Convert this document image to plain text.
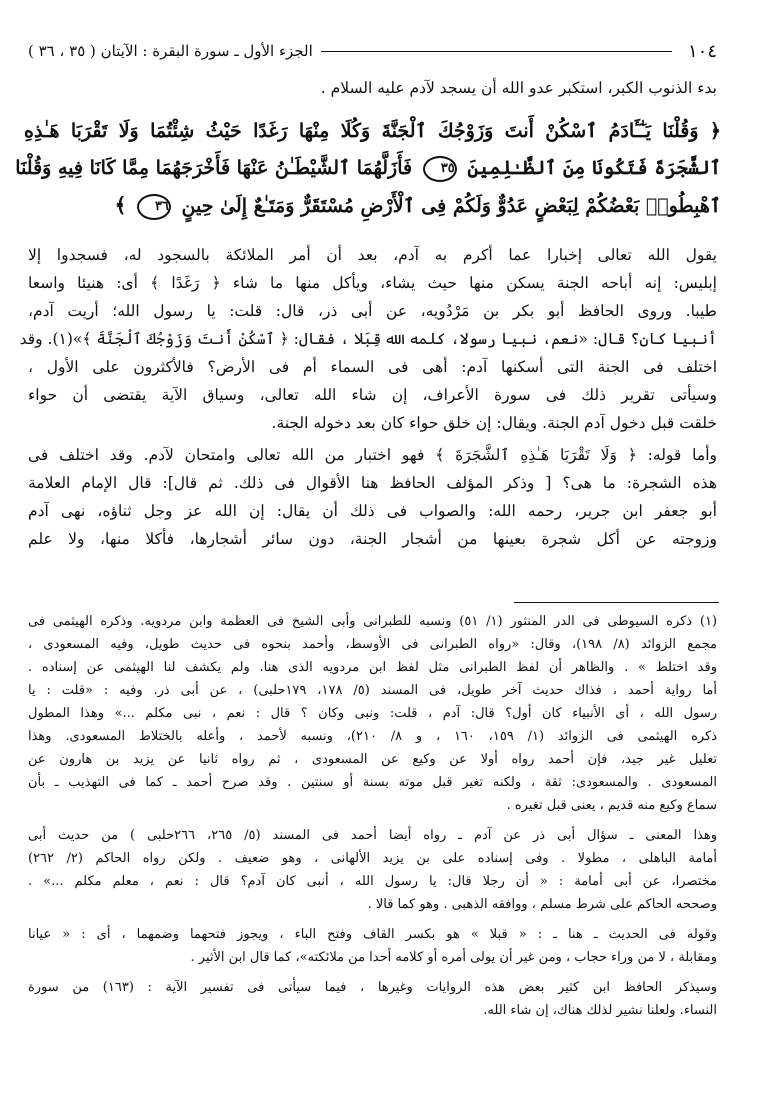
١٠٤
الجزء الأول ـ سورة البقرة : الآيتان ( ٣٥ ، ٣٦ )
بدء الذنوب الكبر، استكبر عدو الله أن يسجد لآدم عليه السلام .
﴿ وَقُلْنَا يَـٰٓـَٔادَمُ ٱسْكُنْ أَنتَ وَزَوْجُكَ ٱلْجَنَّةَ وَكُلَا مِنْهَا رَغَدًا حَيْثُ شِئْتُمَا وَلَا تَقْرَبَا هَـٰذِهِ
ٱلشَّجَرَةَ فَتَكُونَا مِنَ ٱلظَّـٰلِمِينَ ٣٥ فَأَزَلَّهُمَا ٱلشَّيْطَـٰنُ عَنْهَا فَأَخْرَجَهُمَا مِمَّا كَانَا فِيهِ وَقُلْنَا
ٱهْبِطُوا۟ بَعْضُكُمْ لِبَعْضٍ عَدُوٌّ وَلَكُمْ فِى ٱلْأَرْضِ مُسْتَقَرٌّ وَمَتَـٰعٌ إِلَىٰ حِينٍ ٣٦ ﴾
يقول الله تعالى إخبارا عما أكرم به آدم، بعد أن أمر الملائكة بالسجود له، فسجدوا إلا
إبليس: إنه أباحه الجنة يسكن منها حيث يشاء، ويأكل منها ما شاء ﴿ رَغَدًا ﴾ أى: هنيئا واسعا
طيبا. وروى الحافظ أبو بكر بن مَرْدُويه، عن أبى ذر، قال: قلت: يا رسول الله؛ أريت آدم،
أنبيا كان؟ قال: «نعم، نبيا رسولا، كلمه الله قِبَلا ، فقال: ﴿ ٱسْكُنْ أَنتَ وَزَوْجُكَ ٱلْجَنَّةَ ﴾»(١). وقد
اختلف فى الجنة التى أسكنها آدم: أهى فى السماء أم فى الأرض؟ فالأكثرون على الأول ،
وسيأتى تقرير ذلك فى سورة الأعراف، إن شاء الله تعالى، وسياق الآية يقتضى أن حواء
خلقت قبل دخول آدم الجنة. ويقال: إن خلق حواء كان بعد دخوله الجنة.
وأما قوله: ﴿ وَلَا تَقْرَبَا هَـٰذِهِ ٱلشَّجَرَةَ ﴾ فهو اختبار من الله تعالى وامتحان لآدم. وقد اختلف فى
هذه الشجرة: ما هى؟ [ وذكر المؤلف الحافظ هنا الأقوال فى ذلك. ثم قال]: قال الإمام العلامة
أبو جعفر ابن جرير، رحمه الله: والصواب فى ذلك أن يقال: إن الله عز وجل ثناؤه، نهى آدم
وزوجته عن أكل شجرة بعينها من أشجار الجنة، دون سائر أشجارها، فأكلا منها، ولا علم
(١) ذكره السيوطى فى الدر المنثور (١/ ٥١) ونسبه للطبرانى وأبى الشيخ فى العظمة وابن مردويه. وذكره الهيثمى فى
مجمع الزوائد (٨/ ١٩٨)، وقال: «رواه الطبرانى فى الأوسط، وأحمد بنحوه فى حديث طويل، وفيه المسعودى ،
وقد اختلط » . والظاهر أن لفظ الطبرانى مثل لفظ ابن مردويه الذى هنا. ولم يكشف لنا الهيثمى عن إسناده .
أما رواية أحمد ، فذاك حديث آخر طويل، فى المسند (٥/ ١٧٨، ١٧٩حلبى) ، عن أبى ذر. وفيه : «قلت : يا
رسول الله ، أى الأنبياء كان أول؟ قال: آدم ، قلت: ونبى وكان ؟ قال : نعم ، نبى مكلم ...» وهذا المطول
ذكره الهيثمى فى الزوائد (١/ ١٥٩، ١٦٠ ، و ٨/ ٢١٠)، ونسبه لأحمد ، وأعله بالختلاط المسعودى. وهذا
تعليل غير جيد، فإن أحمد رواه أولا عن وكيع عن المسعودى ، ثم رواه ثانيا عن يزيد بن هارون عن
المسعودى . والمسعودى: ثقة ، ولكنه تغير قبل موته بسنة أو سنتين . وقد صرح أحمد ـ كما فى التهذيب ـ بأن
سماع وكيع منه قديم ، يعنى قبل تغيره .
وهذا المعنى ـ سؤال أبى ذر عن آدم ـ رواه أيضا أحمد فى المسند (٥/ ٢٦٥، ٢٦٦حلبى ) من حديث أبى
أمامة الباهلى ، مطولا . وفى إسناده على بن يزيد الألهانى ، وهو ضعيف . ولكن رواه الحاكم (٢/ ٢٦٢)
مختصرا، عن أبى أمامة : « أن رجلا قال: يا رسول الله ، أنبى كان آدم؟ قال : نعم ، معلم مكلم ...» .
وصححه الحاكم على شرط مسلم ، ووافقه الذهبى . وهو كما قالا .
وقوله فى الحديث ـ هنا ـ : « قبلا » هو بكسر القاف وفتح الباء ، ويجوز فتحهما وضمهما ، أى : « عيانا
ومقابلة ، لا من وراء حجاب ، ومن غير أن يولى أمره أو كلامه أحدا من ملائكته»، كما قال ابن الأثير .
وسيذكر الحافظ ابن كثير بعض هذه الروايات وغيرها ، فيما سيأتى فى تفسير الآية : (١٦٣) من سورة
النساء. ولعلنا نشير لذلك هناك، إن شاء الله.
